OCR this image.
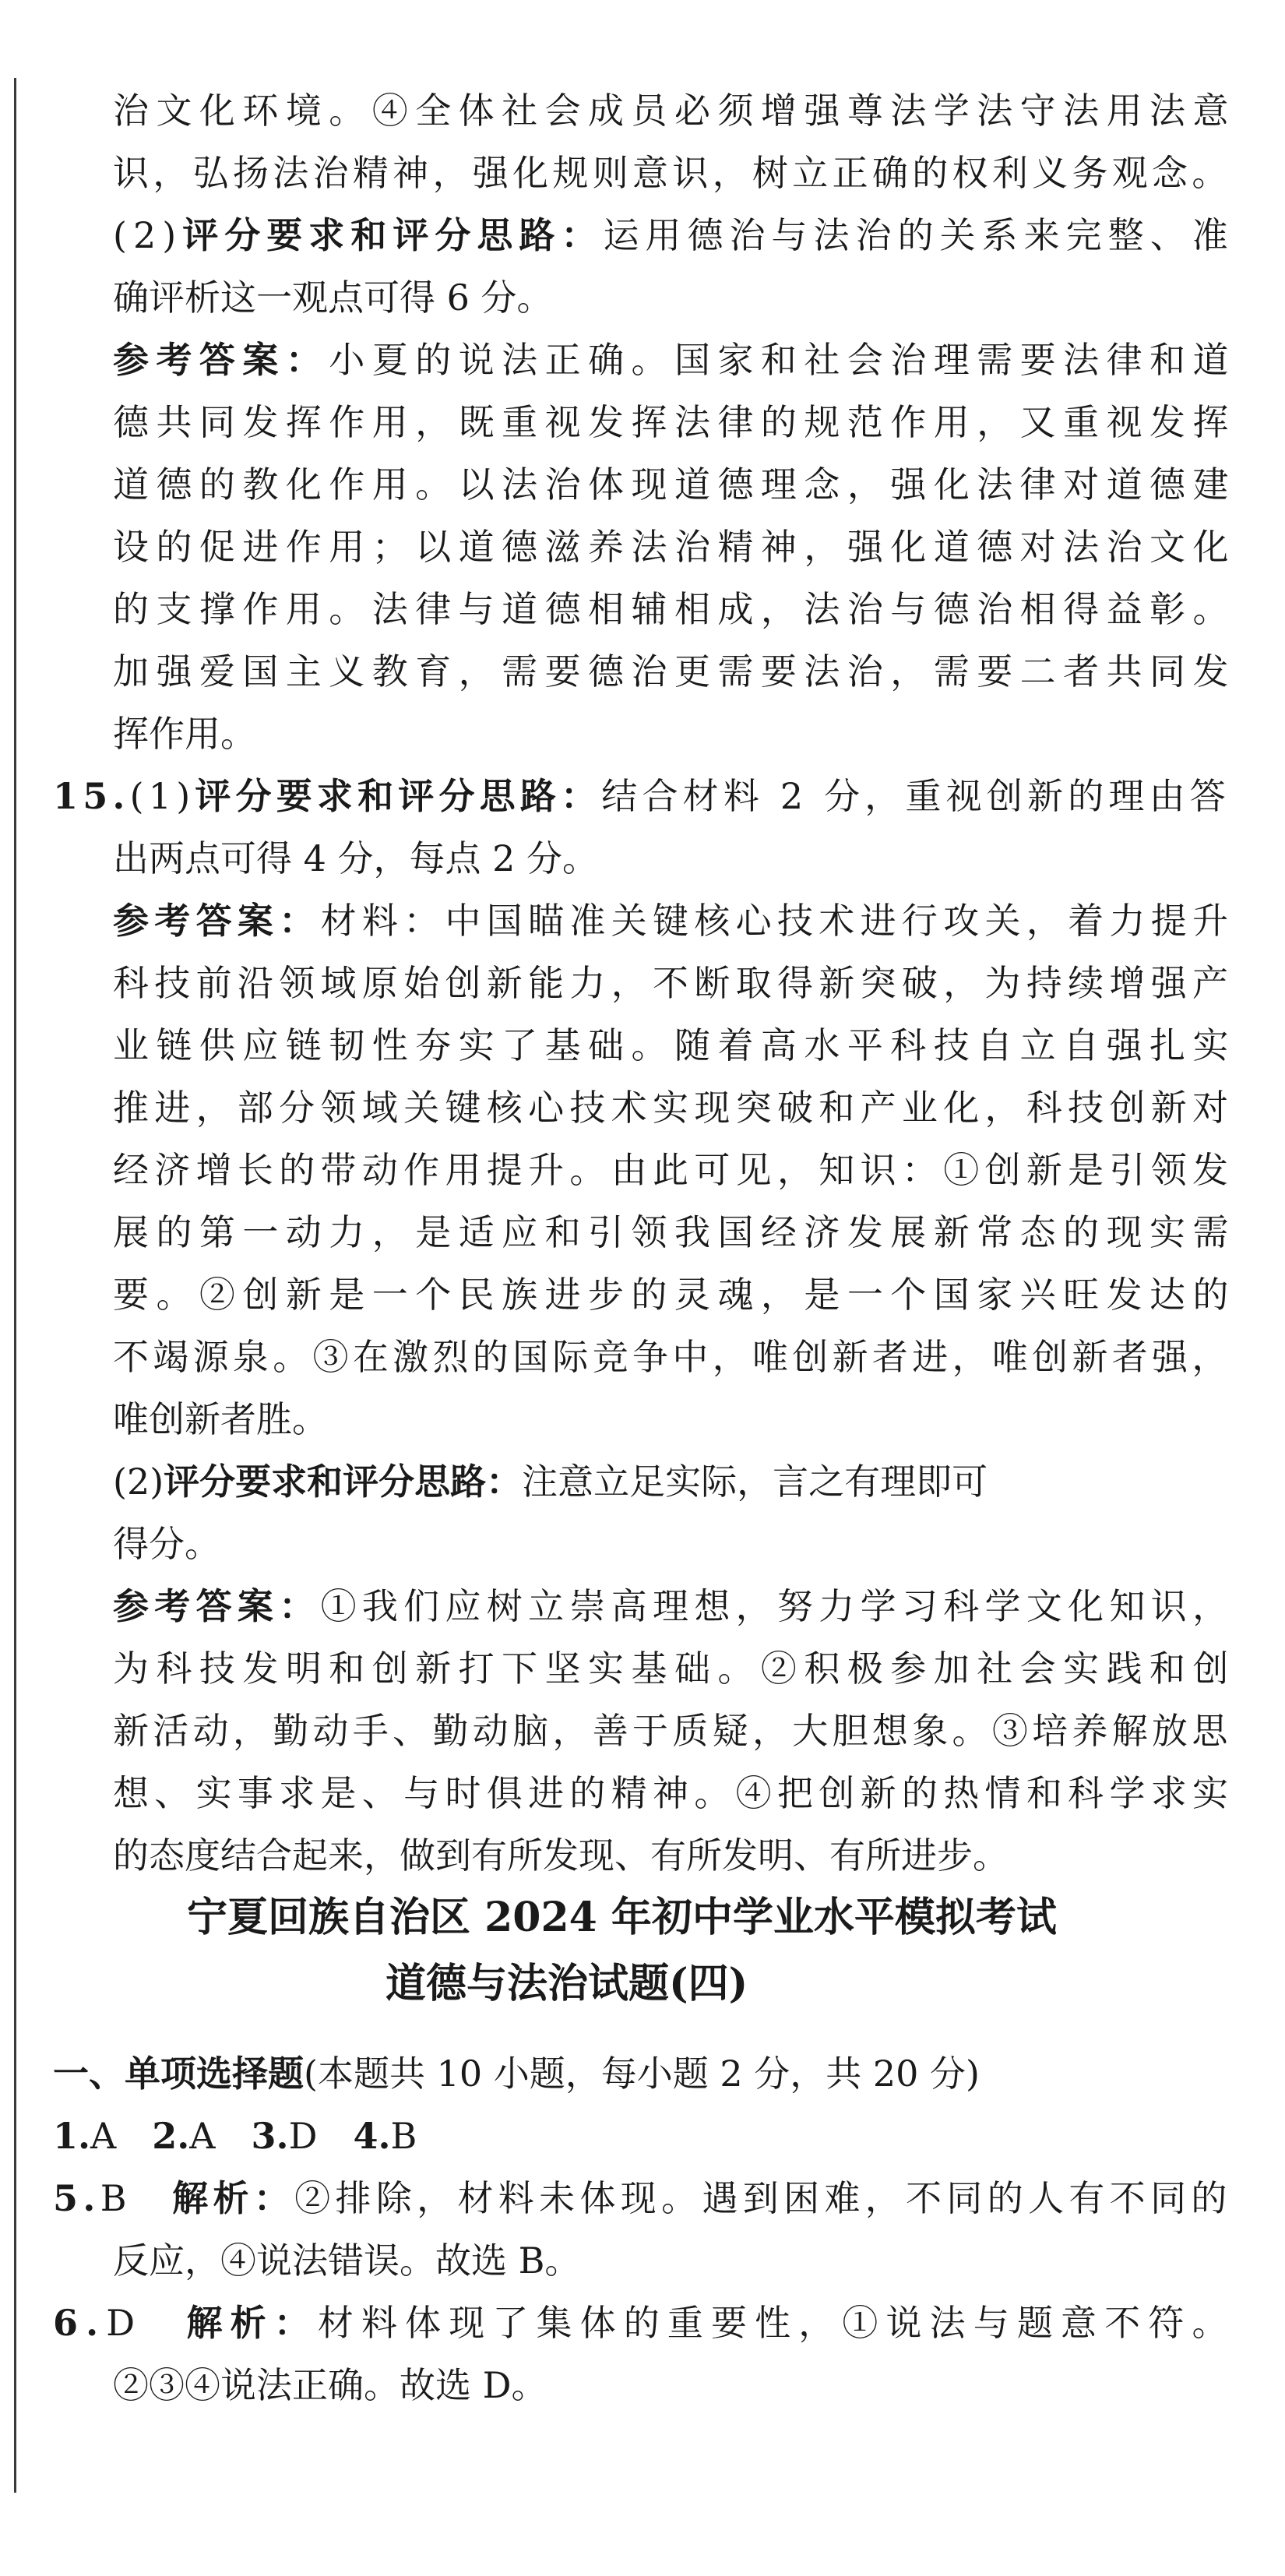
治文化环境。④全体社会成员必须增强尊法学法守法用法意
识，弘扬法治精神，强化规则意识，树立正确的权利义务观念。
(2)评分要求和评分思路：运用德治与法治的关系来完整、准
确评析这一观点可得 6 分。
参考答案：小夏的说法正确。国家和社会治理需要法律和道
德共同发挥作用，既重视发挥法律的规范作用，又重视发挥
道德的教化作用。以法治体现道德理念，强化法律对道德建
设的促进作用；以道德滋养法治精神，强化道德对法治文化
的支撑作用。法律与道德相辅相成，法治与德治相得益彰。
加强爱国主义教育，需要德治更需要法治，需要二者共同发
挥作用。
15.(1)评分要求和评分思路：结合材料 2 分，重视创新的理由答
出两点可得 4 分，每点 2 分。
参考答案：材料：中国瞄准关键核心技术进行攻关，着力提升
科技前沿领域原始创新能力，不断取得新突破，为持续增强产
业链供应链韧性夯实了基础。随着高水平科技自立自强扎实
推进，部分领域关键核心技术实现突破和产业化，科技创新对
经济增长的带动作用提升。由此可见，知识：①创新是引领发
展的第一动力，是适应和引领我国经济发展新常态的现实需
要。②创新是一个民族进步的灵魂，是一个国家兴旺发达的
不竭源泉。③在激烈的国际竞争中，唯创新者进，唯创新者强，
唯创新者胜。
(2)评分要求和评分思路：注意立足实际，言之有理即可
得分。
参考答案：①我们应树立崇高理想，努力学习科学文化知识，
为科技发明和创新打下坚实基础。②积极参加社会实践和创
新活动，勤动手、勤动脑，善于质疑，大胆想象。③培养解放思
想、实事求是、与时俱进的精神。④把创新的热情和科学求实
的态度结合起来，做到有所发现、有所发明、有所进步。
宁夏回族自治区 2024 年初中学业水平模拟考试
道德与法治试题(四)
一、单项选择题(本题共 10 小题，每小题 2 分，共 20 分)
1.A　2.A　3.D　4.B
5.B　解析：②排除，材料未体现。遇到困难，不同的人有不同的
反应，④说法错误。故选 B。
6.D　解析：材料体现了集体的重要性，①说法与题意不符。
②③④说法正确。故选 D。
